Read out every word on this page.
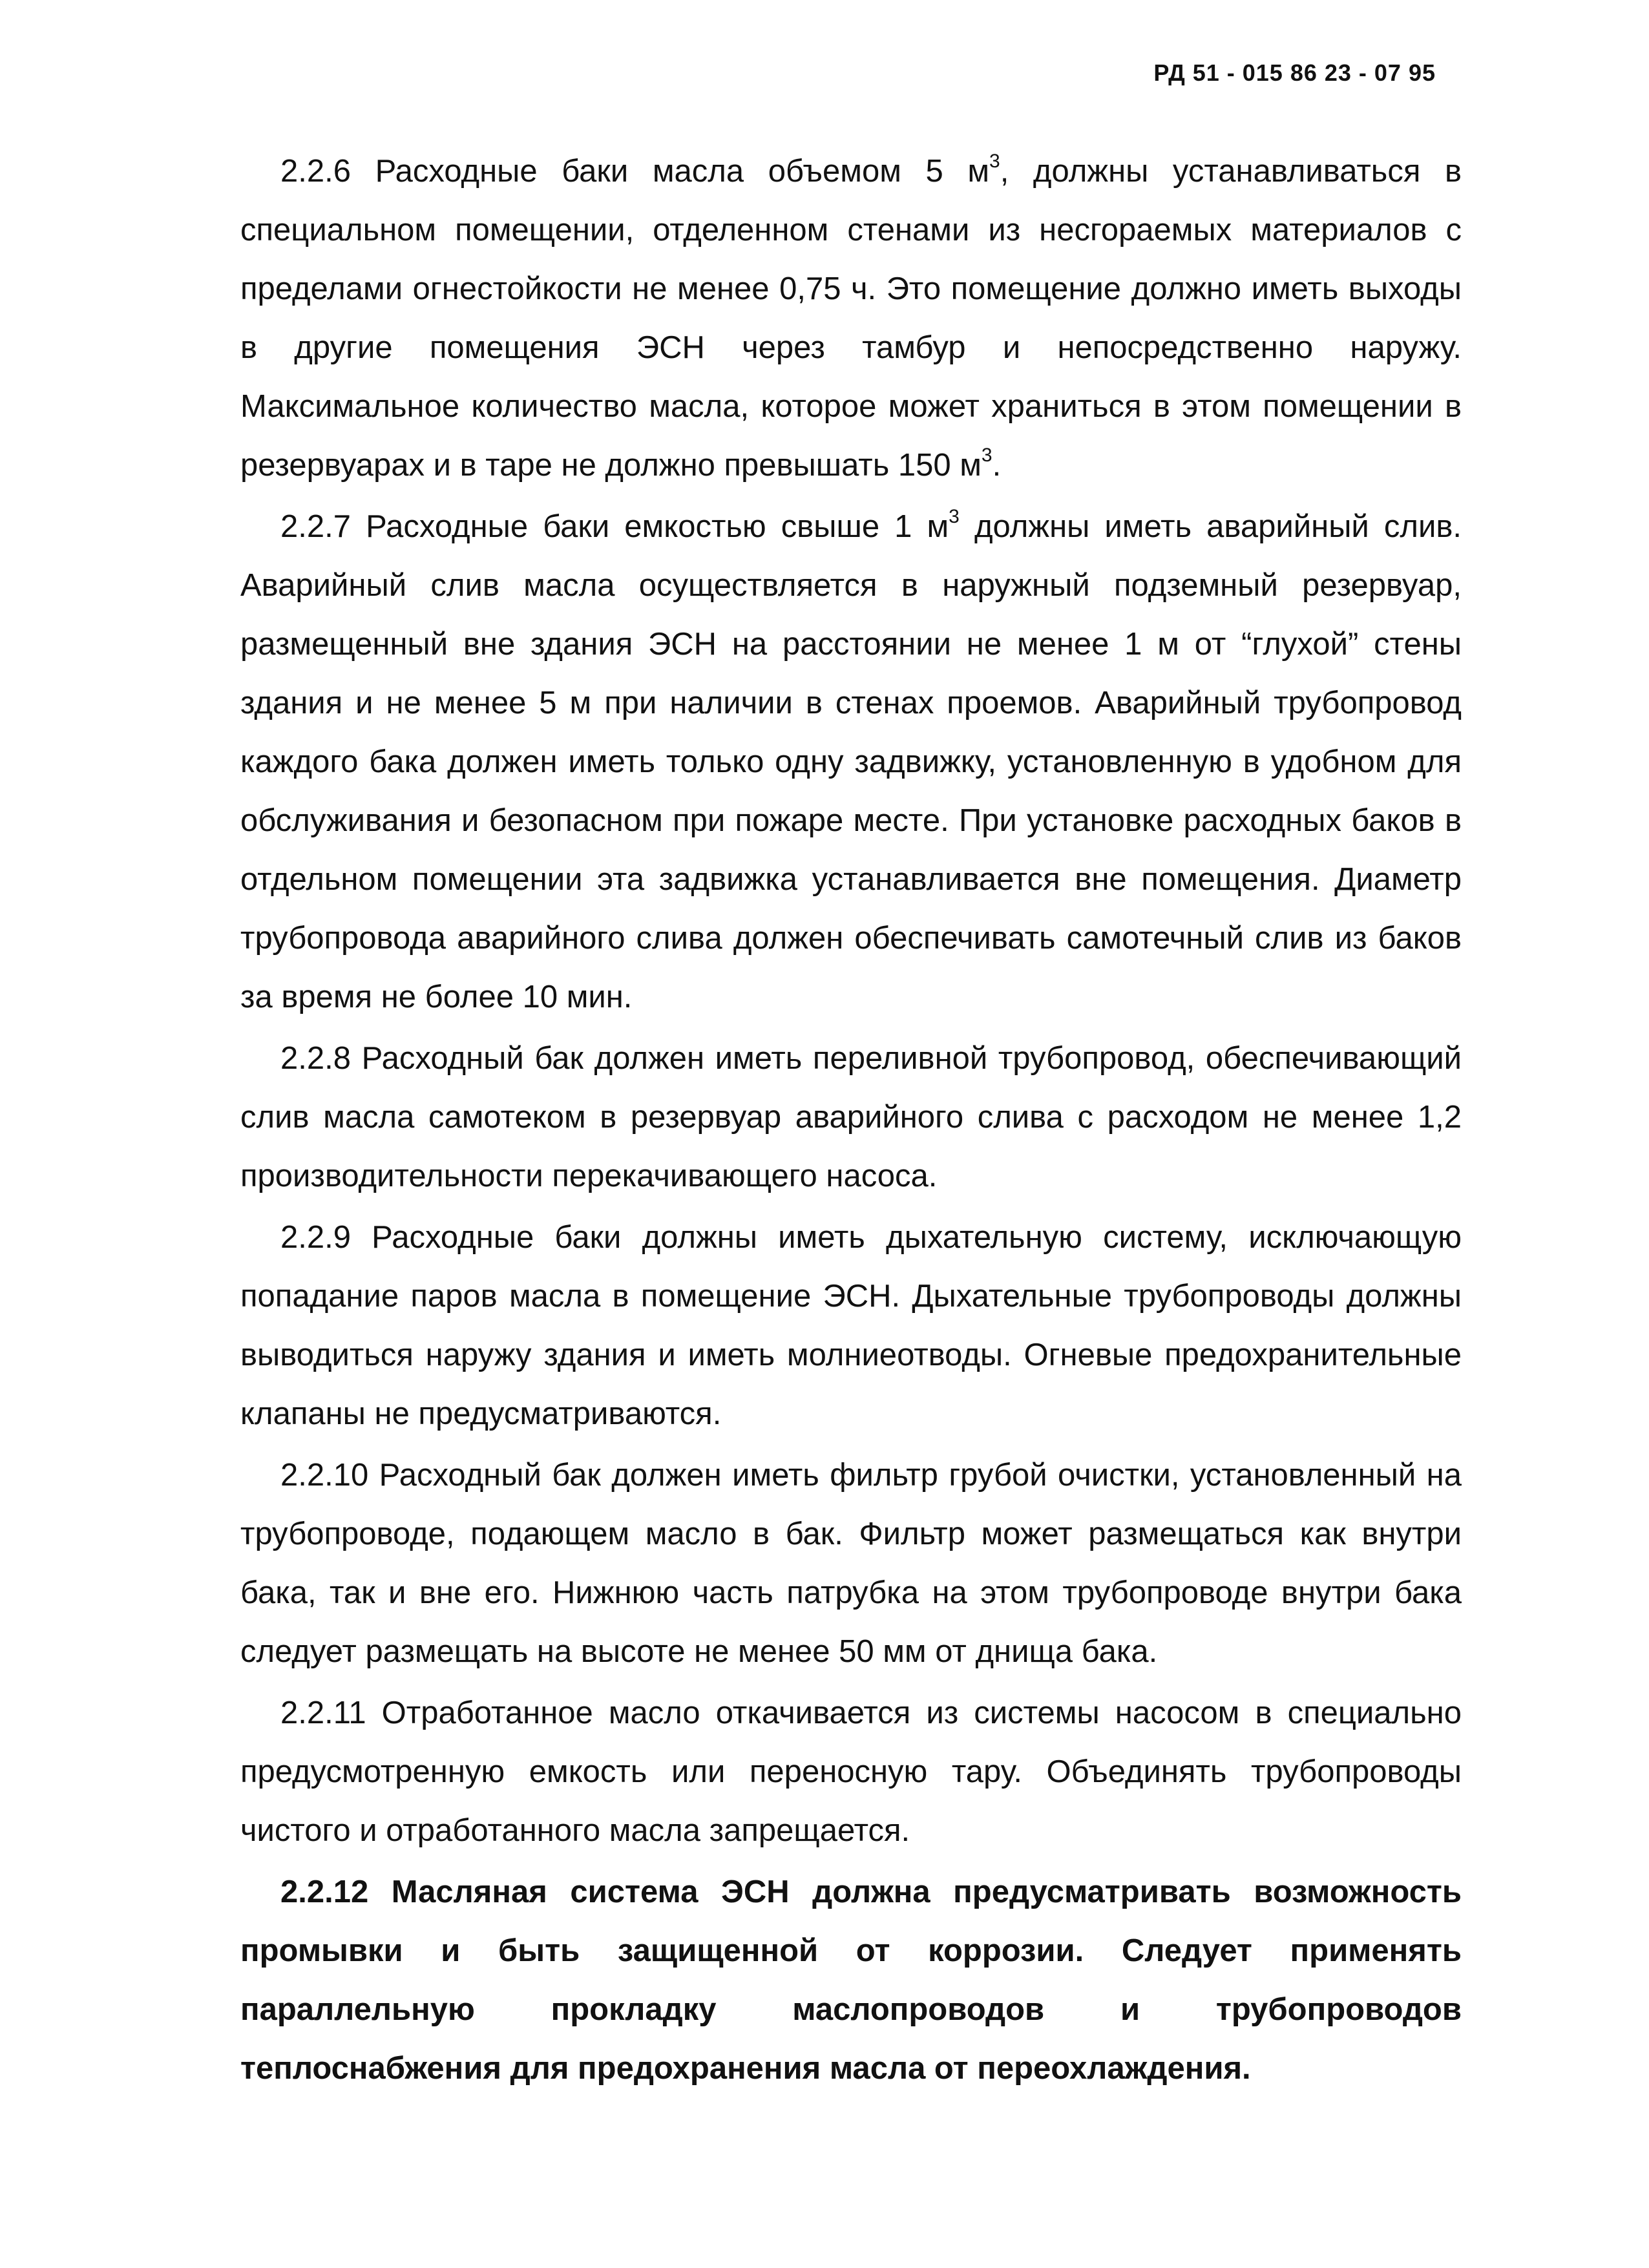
РД 51 - 015 86 23 - 07 95

2.2.6 Расходные баки масла объемом 5 $м^3$, должны устанавливаться в специальном помещении, отделенном стенами из несгораемых материалов с пределами огнестойкости не менее 0,75 ч. Это помещение должно иметь выходы в другие помещения ЭСН через тамбур и непосредственно наружу. Максимальное количество масла, которое может храниться в этом помещении в резервуарах и в таре не должно превышать 150 $м^3$.

2.2.7 Расходные баки емкостью свыше 1 $м^3$ должны иметь аварийный слив. Аварийный слив масла осуществляется в наружный подземный резервуар, размещенный вне здания ЭСН на расстоянии не менее 1 м от “глухой” стены здания и не менее 5 м при наличии в стенах проемов. Аварийный трубопровод каждого бака должен иметь только одну задвижку, установленную в удобном для обслуживания и безопасном при пожаре месте. При установке расходных баков в отдельном помещении эта задвижка устанавливается вне помещения. Диаметр трубопровода аварийного слива должен обеспечивать самотечный слив из баков за время не более 10 мин.

2.2.8 Расходный бак должен иметь переливной трубопровод, обеспечивающий слив масла самотеком в резервуар аварийного слива с расходом не менее 1,2 производительности перекачивающего насоса.

2.2.9 Расходные баки должны иметь дыхательную систему, исключающую попадание паров масла в помещение ЭСН. Дыхательные трубопроводы должны выводиться наружу здания и иметь молниеотводы. Огневые предохранительные клапаны не предусматриваются.

2.2.10 Расходный бак должен иметь фильтр грубой очистки, установленный на трубопроводе, подающем масло в бак. Фильтр может размещаться как внутри бака, так и вне его. Нижнюю часть патрубка на этом трубопроводе внутри бака следует размещать на высоте не менее 50 мм от днища бака.

2.2.11 Отработанное масло откачивается из системы насосом в специально предусмотренную емкость или переносную тару. Объединять трубопроводы чистого и отработанного масла запрещается.

2.2.12 Масляная система ЭСН должна предусматривать возможность промывки и быть защищенной от коррозии. Следует применять параллельную прокладку маслопроводов и трубопроводов теплоснабжения для предохранения масла от переохлаждения.
